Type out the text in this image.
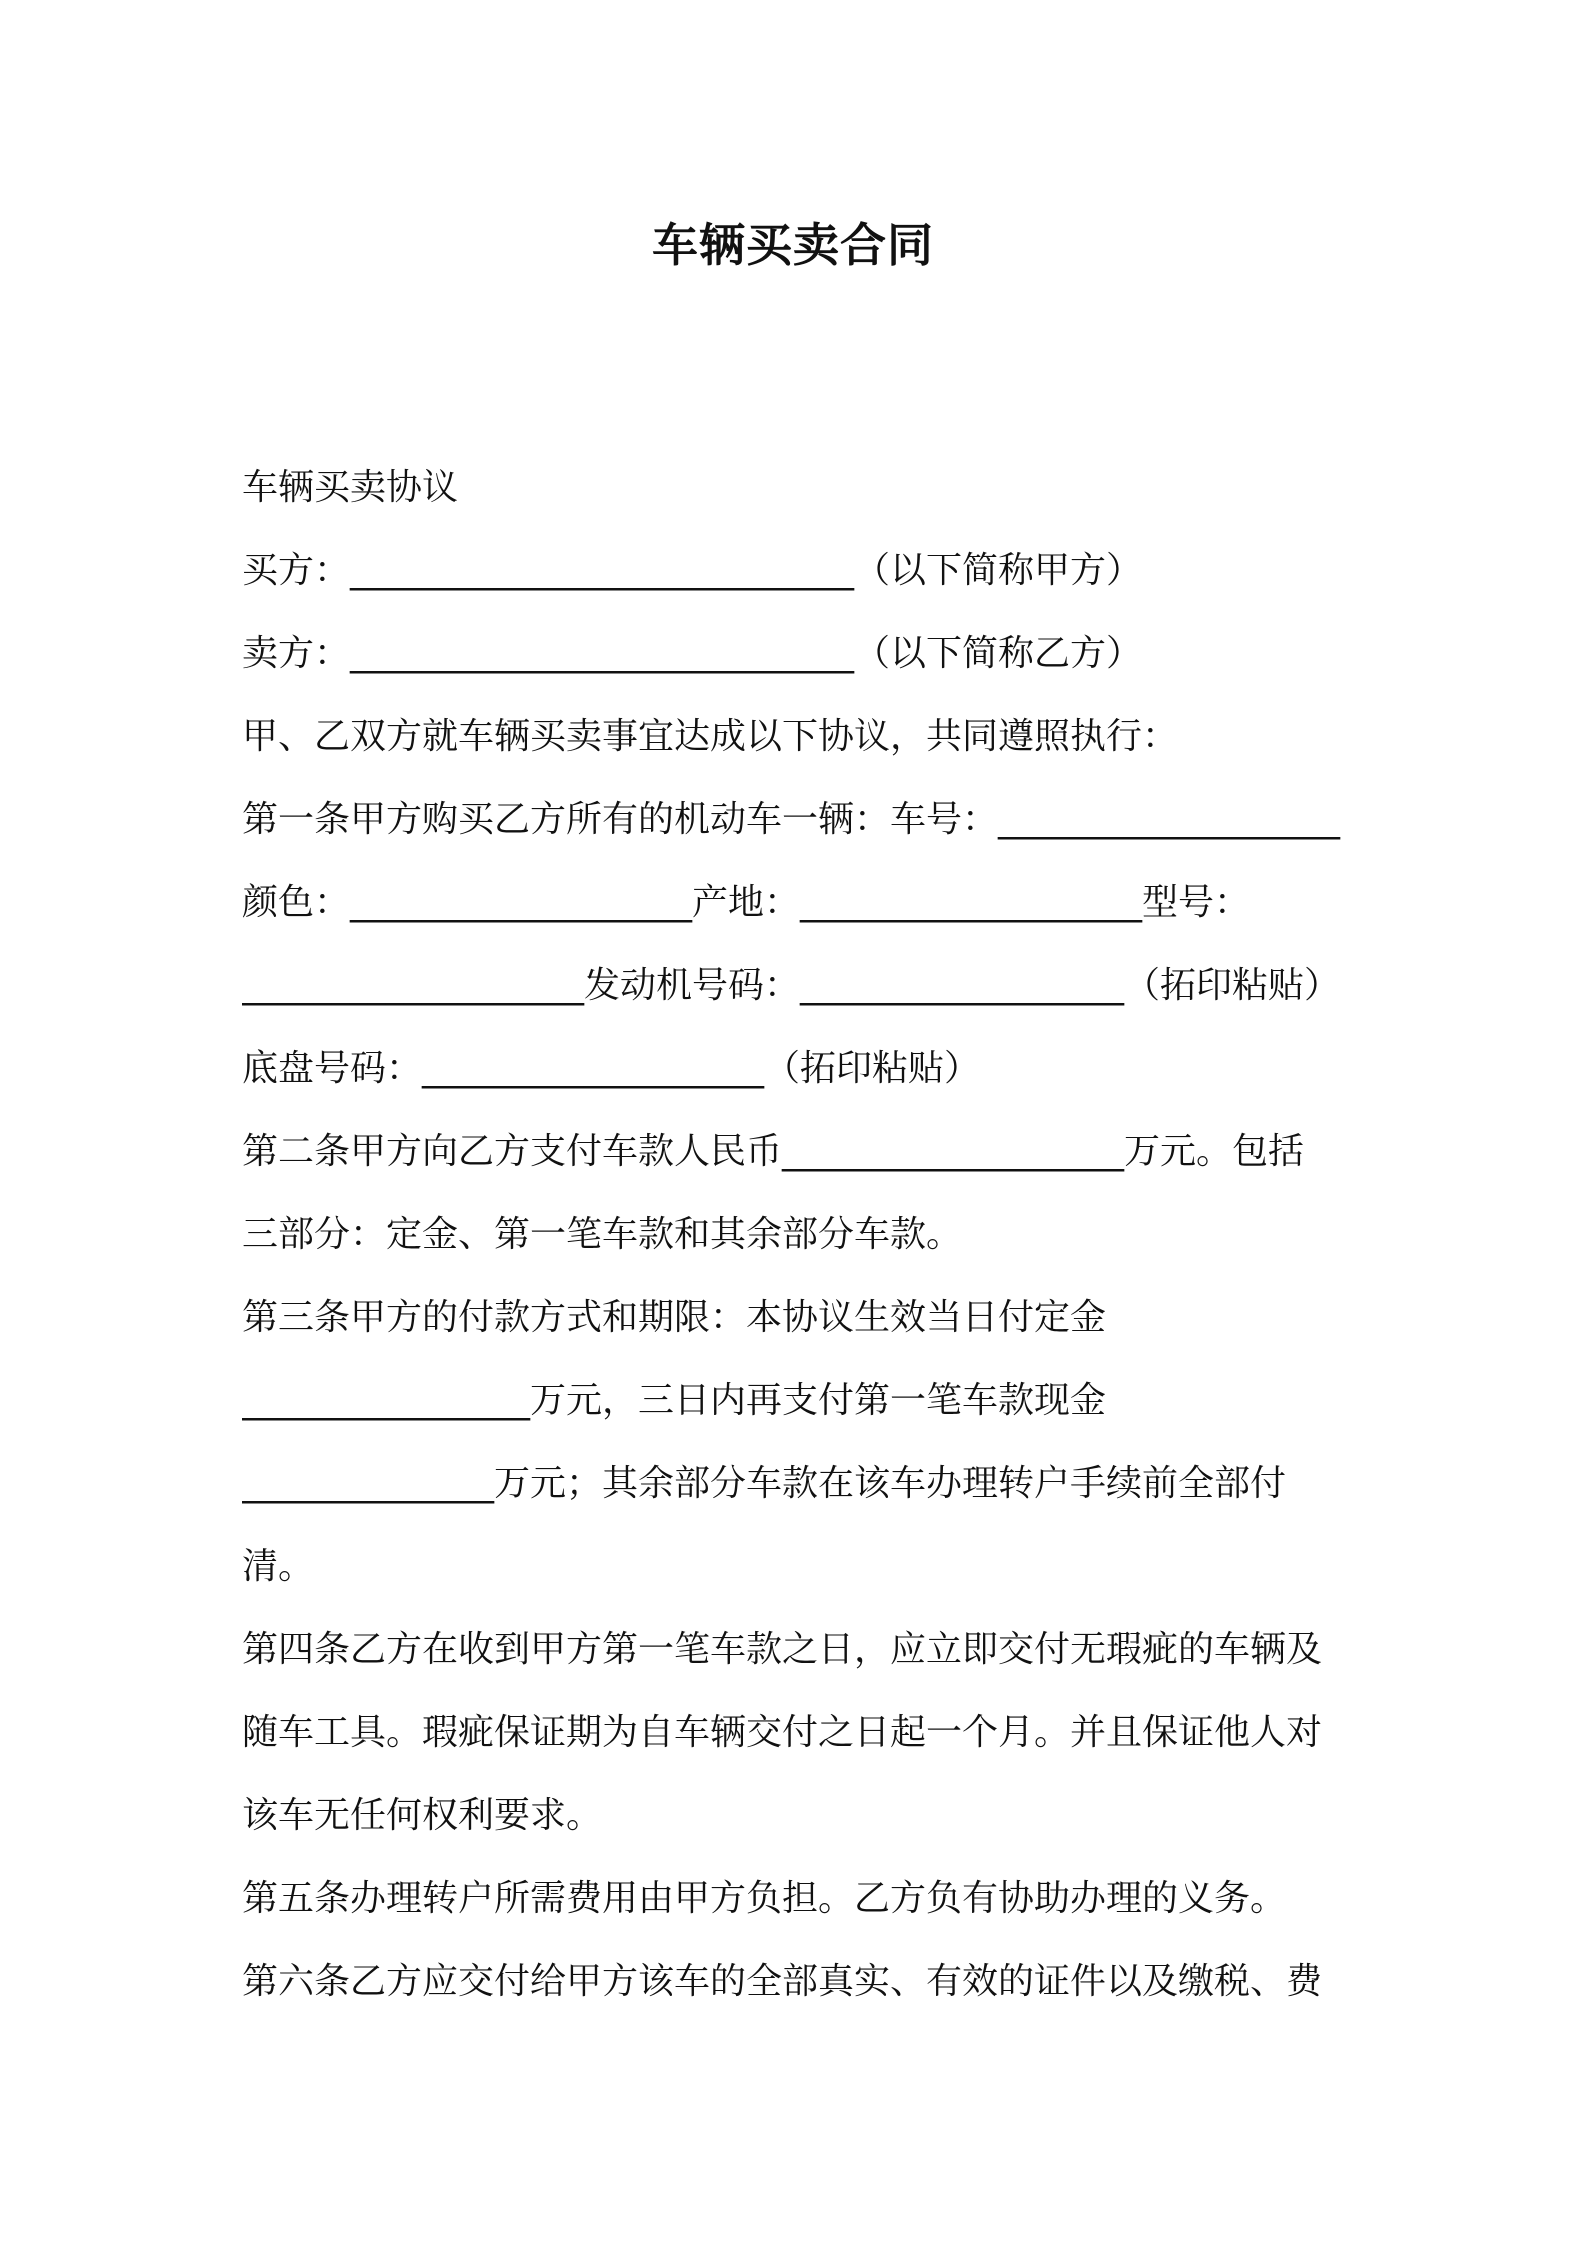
车辆买卖合同
车辆买卖协议
买方：____________________________（以下简称甲方）
卖方：____________________________（以下简称乙方）
甲、乙双方就车辆买卖事宜达成以下协议，共同遵照执行：
第一条甲方购买乙方所有的机动车一辆：车号：___________________
颜色：___________________产地：___________________型号：
___________________发动机号码：__________________（拓印粘贴）
底盘号码：___________________（拓印粘贴）
第二条甲方向乙方支付车款人民币___________________万元。包括
三部分：定金、第一笔车款和其余部分车款。
第三条甲方的付款方式和期限：本协议生效当日付定金
________________万元，三日内再支付第一笔车款现金
______________万元；其余部分车款在该车办理转户手续前全部付
清。
第四条乙方在收到甲方第一笔车款之日，应立即交付无瑕疵的车辆及
随车工具。瑕疵保证期为自车辆交付之日起一个月。并且保证他人对
该车无任何权利要求。
第五条办理转户所需费用由甲方负担。乙方负有协助办理的义务。
第六条乙方应交付给甲方该车的全部真实、有效的证件以及缴税、费
